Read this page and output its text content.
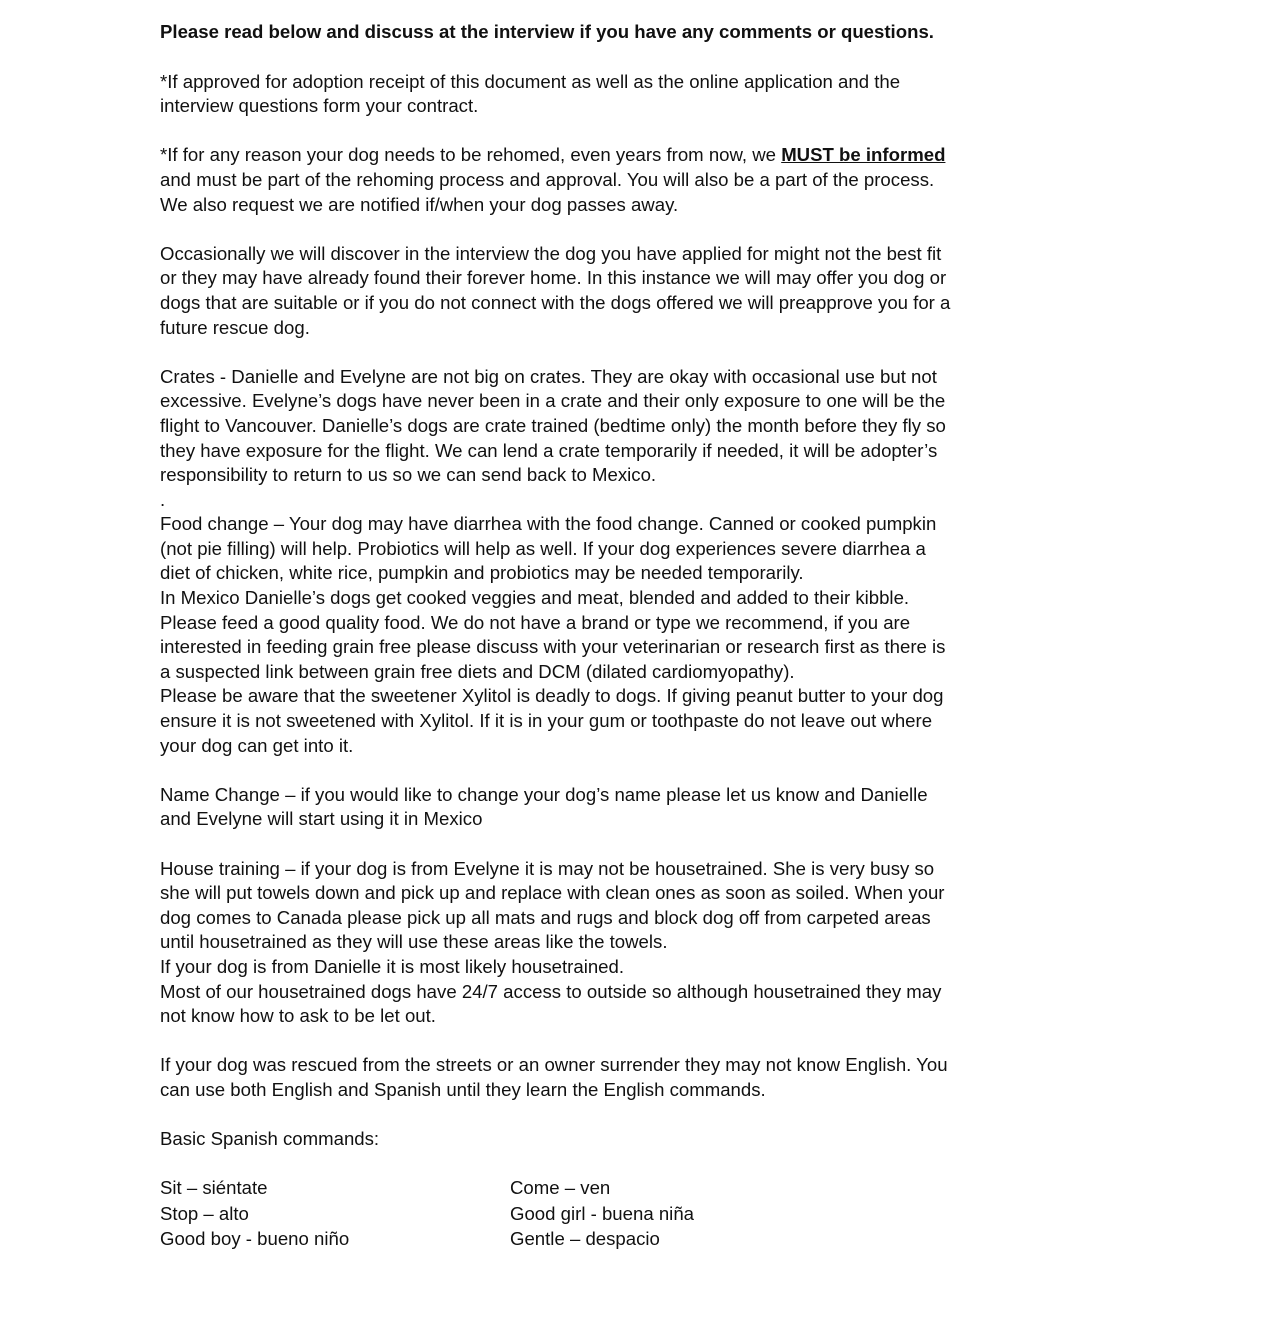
Please read below and discuss at the interview if you have any comments or questions.
*If approved for adoption receipt of this document as well as the online application and the
interview questions form your contract.
*If for any reason your dog needs to be rehomed, even years from now, we MUST be informed
and must be part of the rehoming process and approval. You will also be a part of the process.
We also request we are notified if/when your dog passes away.
Occasionally we will discover in the interview the dog you have applied for might not the best fit
or they may have already found their forever home. In this instance we will may offer you dog or
dogs that are suitable or if you do not connect with the dogs offered we will preapprove you for a
future rescue dog.
Crates - Danielle and Evelyne are not big on crates. They are okay with occasional use but not
excessive. Evelyne’s dogs have never been in a crate and their only exposure to one will be the
flight to Vancouver. Danielle’s dogs are crate trained (bedtime only) the month before they fly so
they have exposure for the flight. We can lend a crate temporarily if needed, it will be adopter’s
responsibility to return to us so we can send back to Mexico.
.
Food change – Your dog may have diarrhea with the food change. Canned or cooked pumpkin
(not pie filling) will help. Probiotics will help as well. If your dog experiences severe diarrhea a
diet of chicken, white rice, pumpkin and probiotics may be needed temporarily.
In Mexico Danielle’s dogs get cooked veggies and meat, blended and added to their kibble.
Please feed a good quality food. We do not have a brand or type we recommend, if you are
interested in feeding grain free please discuss with your veterinarian or research first as there is
a suspected link between grain free diets and DCM (dilated cardiomyopathy).
Please be aware that the sweetener Xylitol is deadly to dogs. If giving peanut butter to your dog
ensure it is not sweetened with Xylitol. If it is in your gum or toothpaste do not leave out where
your dog can get into it.
Name Change – if you would like to change your dog’s name please let us know and Danielle
and Evelyne will start using it in Mexico
House training – if your dog is from Evelyne it is may not be housetrained. She is very busy so
she will put towels down and pick up and replace with clean ones as soon as soiled. When your
dog comes to Canada please pick up all mats and rugs and block dog off from carpeted areas
until housetrained as they will use these areas like the towels.
If your dog is from Danielle it is most likely housetrained.
Most of our housetrained dogs have 24/7 access to outside so although housetrained they may
not know how to ask to be let out.
If your dog was rescued from the streets or an owner surrender they may not know English. You
can use both English and Spanish until they learn the English commands.
Basic Spanish commands:
Sit – siéntate
Stop – alto
Good boy - bueno niño
Come – ven
Good girl - buena niña
Gentle – despacio
